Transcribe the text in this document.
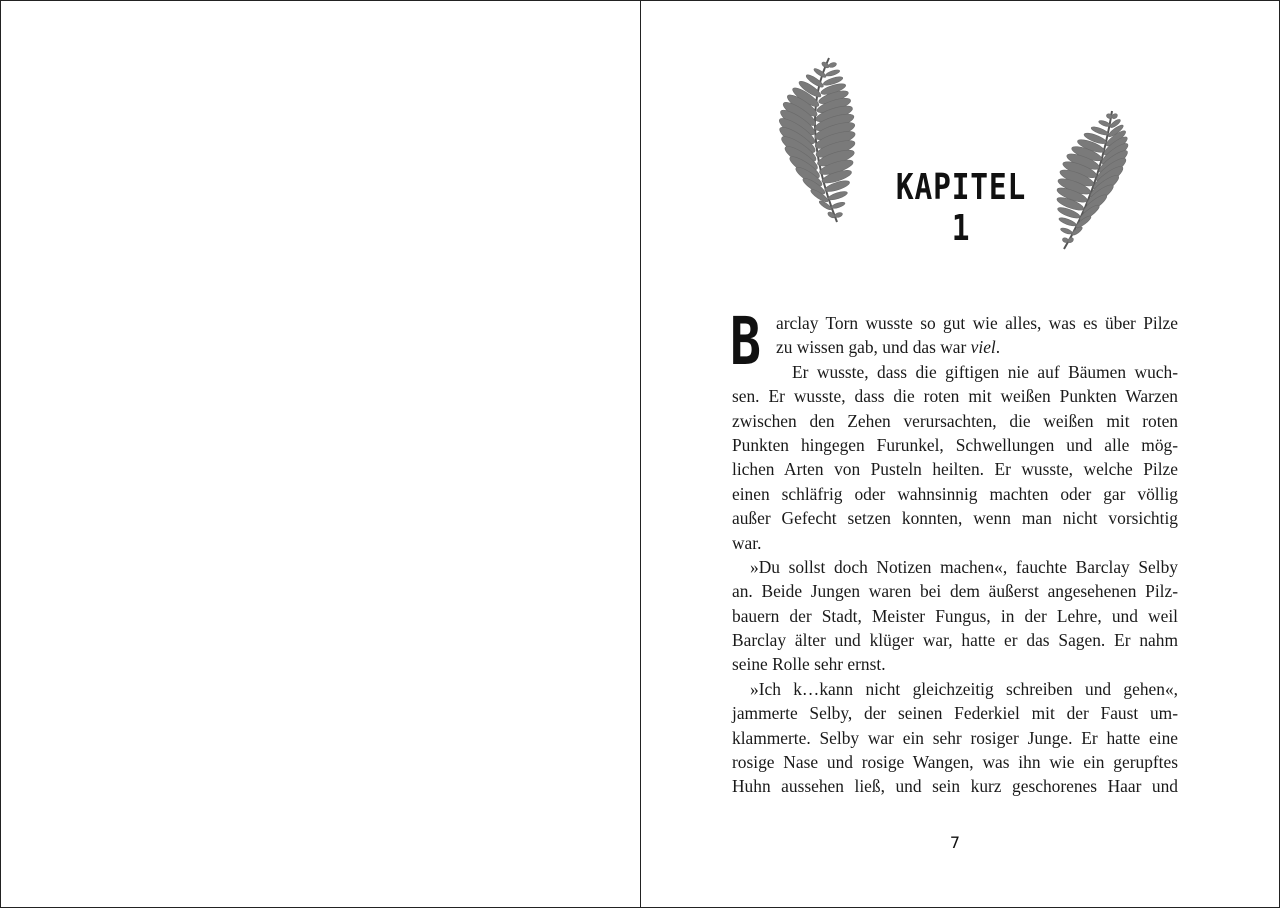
KAPITEL 1
B arclay Torn wusste so gut wie alles, was es über Pilze
zu wissen gab, und das war viel.
Er wusste, dass die giftigen nie auf Bäumen wuch-
sen. Er wusste, dass die roten mit weißen Punkten Warzen
zwischen den Zehen verursachten, die weißen mit roten
Punkten hingegen Furunkel, Schwellungen und alle mög-
lichen Arten von Pusteln heilten. Er wusste, welche Pilze
einen schläfrig oder wahnsinnig machten oder gar völlig
außer Gefecht setzen konnten, wenn man nicht vorsichtig
war.
»Du sollst doch Notizen machen«, fauchte Barclay Selby
an. Beide Jungen waren bei dem äußerst angesehenen Pilz-
bauern der Stadt, Meister Fungus, in der Lehre, und weil
Barclay älter und klüger war, hatte er das Sagen. Er nahm
seine Rolle sehr ernst.
»Ich k…kann nicht gleichzeitig schreiben und gehen«,
jammerte Selby, der seinen Federkiel mit der Faust um-
klammerte. Selby war ein sehr rosiger Junge. Er hatte eine
rosige Nase und rosige Wangen, was ihn wie ein gerupftes
Huhn aussehen ließ, und sein kurz geschorenes Haar und
7
